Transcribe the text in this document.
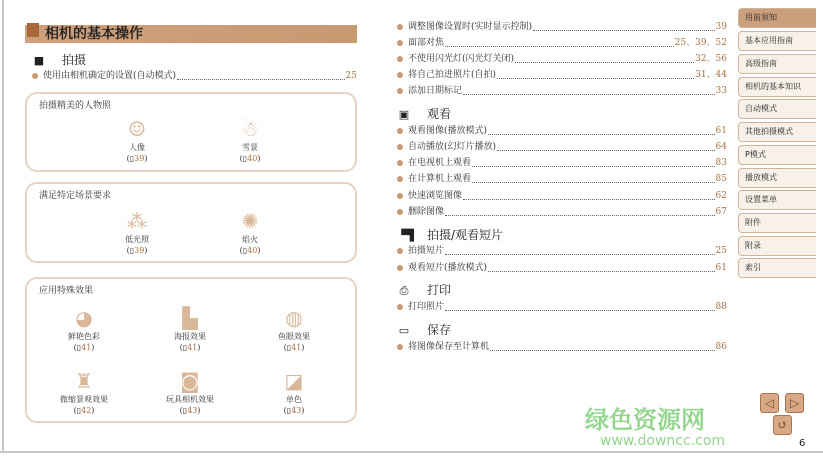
相机的基本操作
■ 拍摄
使用由相机确定的设置(自动模式)	25
拍摄精美的人物照
☺
人像
(▯39)
☃
雪景
(▯40)
满足特定场景要求
⁂
低光照
(▯39)
✺
焰火
(▯40)
应用特殊效果
◕
鲜艳色彩
(▯41)
▙
海报效果
(▯41)
◍
鱼眼效果
(▯41)
♜
微缩景观效果
(▯42)
◙
玩具相机效果
(▯43)
◪
单色
(▯43)
调整图像设置时(实时显示控制)	39
面部对焦	25、39、52
不使用闪光灯(闪光灯关闭)	32、56
将自己拍进照片(自拍)	31、44
添加日期标记	33
▣ 观看
观看图像(播放模式)	61
自动播放(幻灯片播放)	64
在电视机上观看	83
在计算机上观看	85
快速浏览图像	62
删除图像	67
▝▜ 拍摄/观看短片
拍摄短片	25
观看短片(播放模式)	61
⎙ 打印
打印照片	88
▭ 保存
将图像保存至计算机	86
用前须知
基本应用指南
高级指南
相机的基本知识
自动模式
其他拍摄模式
P模式
播放模式
设置菜单
附件
附录
索引
◁	▷
↺
绿色资源网
www.downcc.com	6
